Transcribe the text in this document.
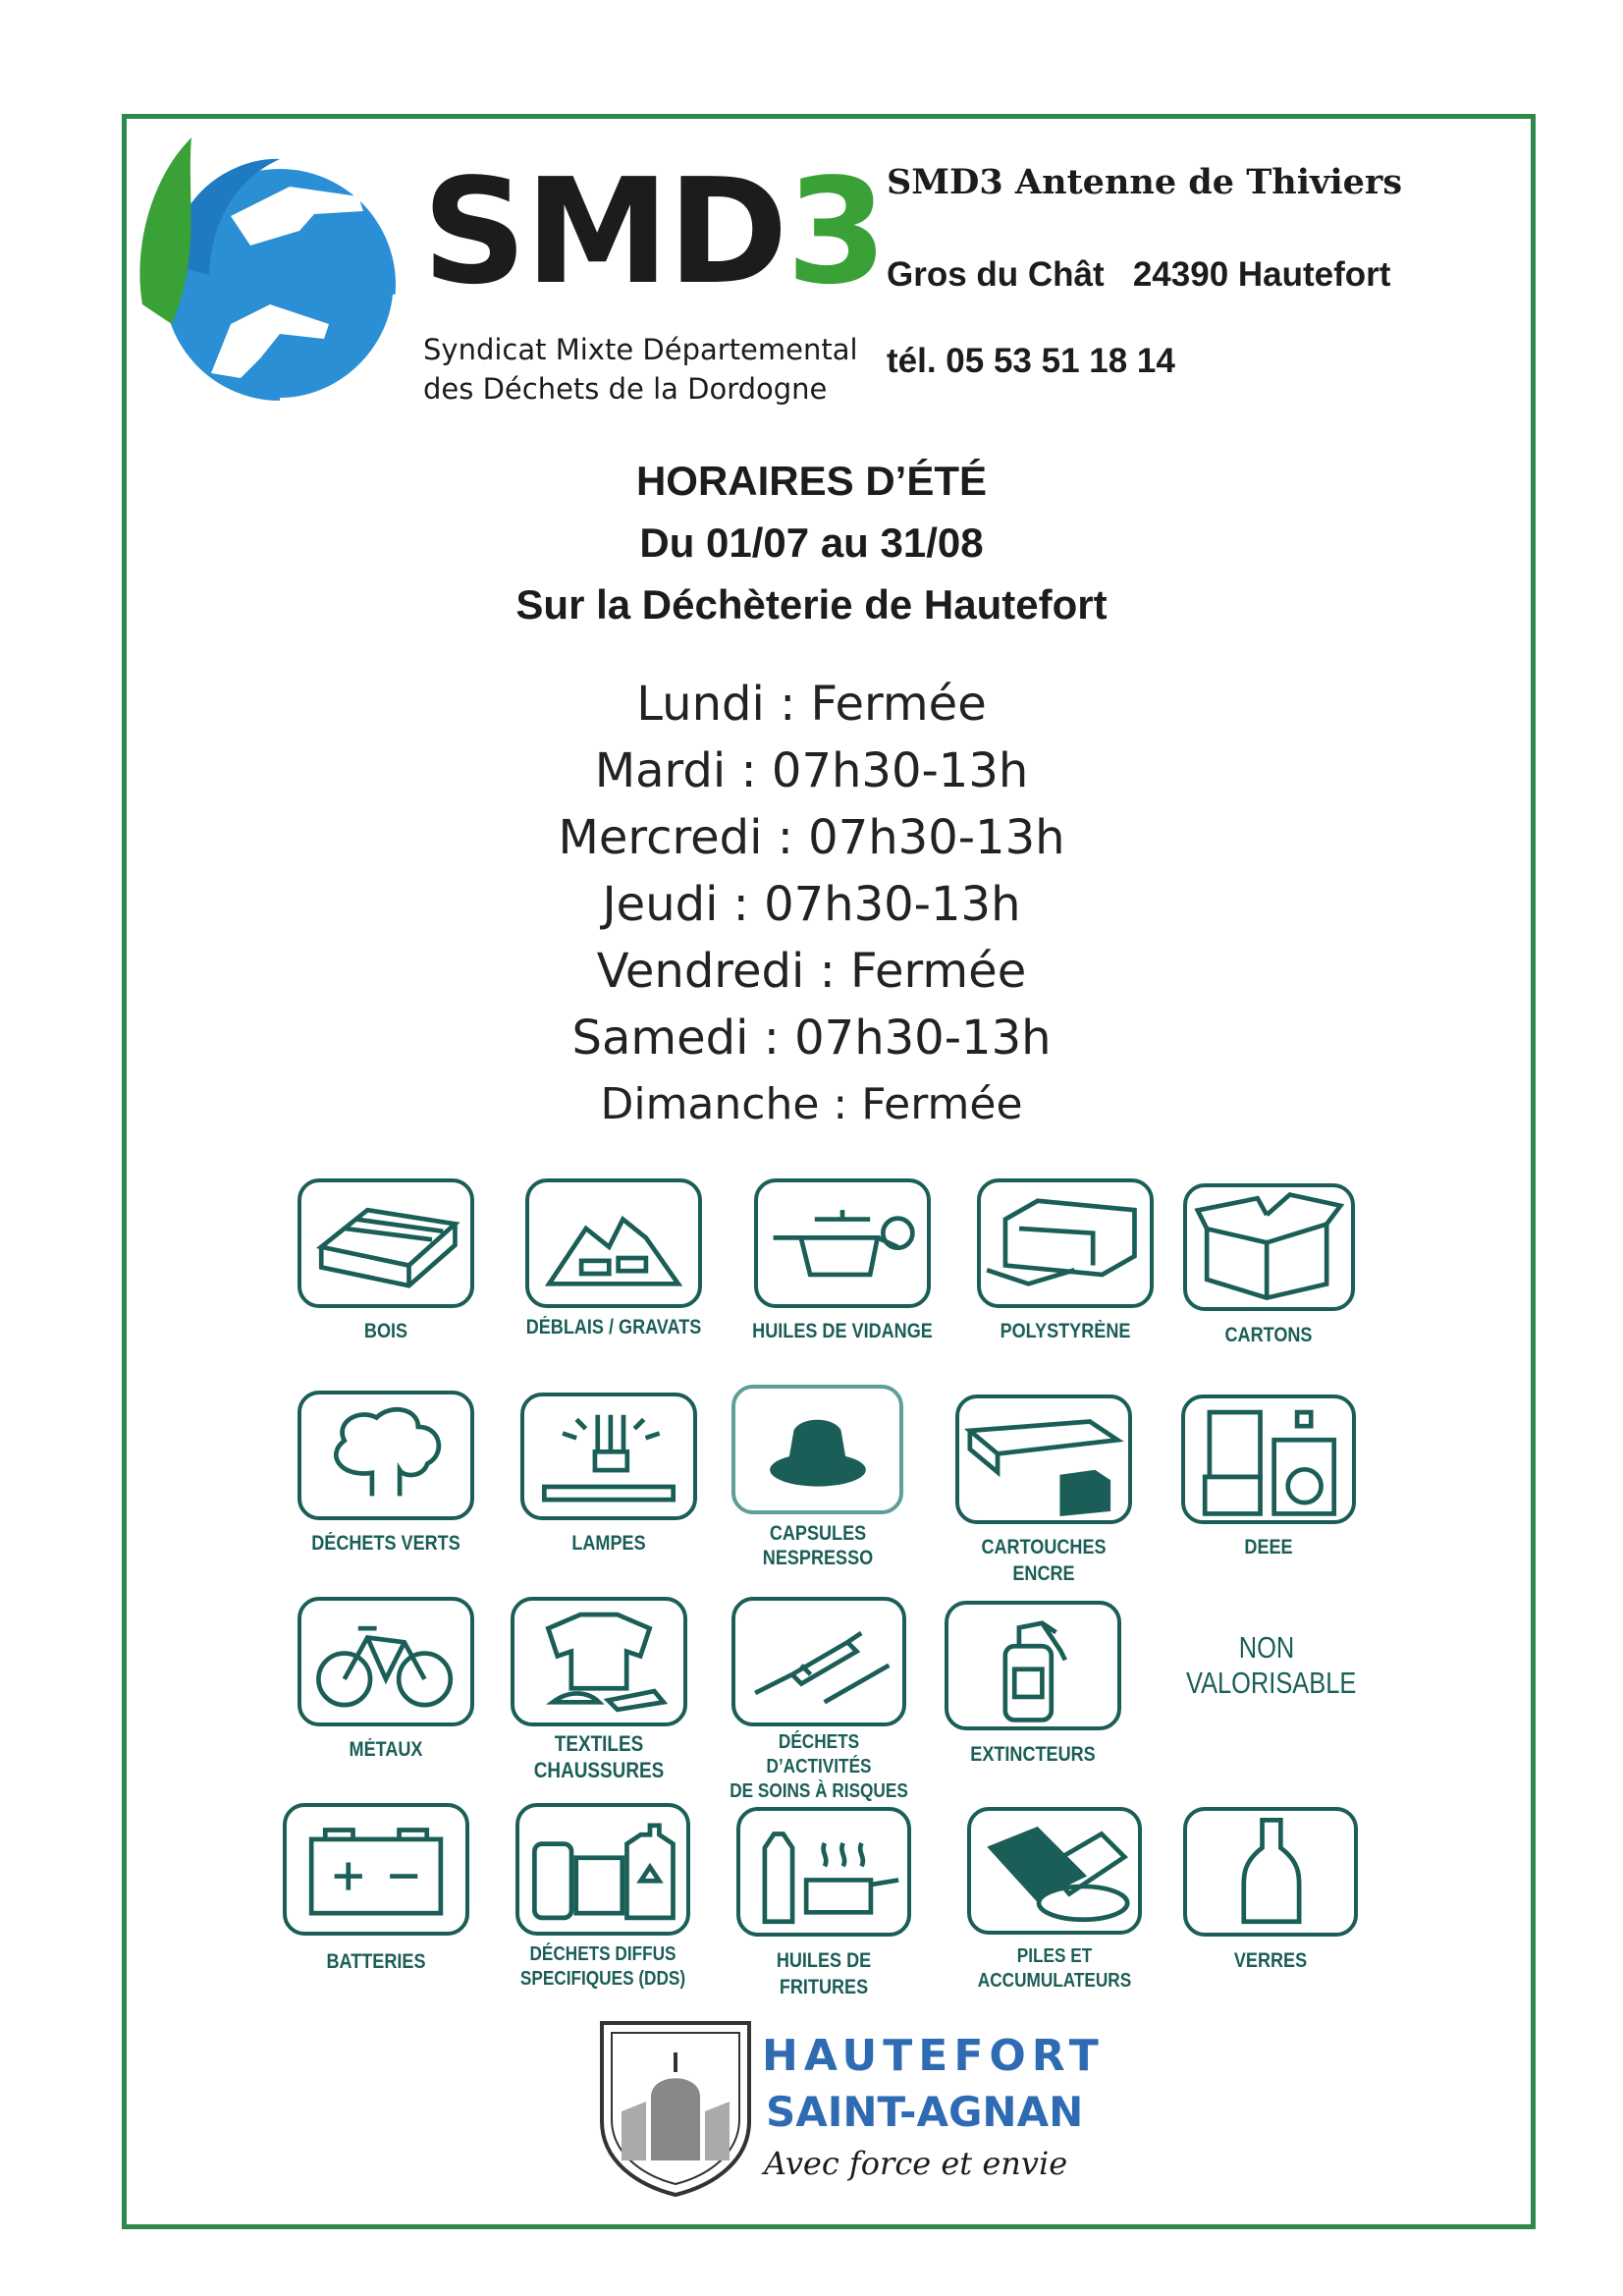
SMD3
Syndicat Mixte Départemental
des Déchets de la Dordogne
SMD3 Antenne de Thiviers
Gros du Chât   24390 Hautefort
tél. 05 53 51 18 14
HORAIRES D’ÉTÉ
Du 01/07 au 31/08
Sur la Déchèterie de Hautefort
Lundi : Fermée
Mardi : 07h30-13h
Mercredi : 07h30-13h
Jeudi : 07h30-13h
Vendredi : Fermée
Samedi : 07h30-13h
Dimanche : Fermée
BOIS	DÉBLAIS / GRAVATS HUILES DE VIDANGE	POLYSTYRÈNE	CARTONS
DÉCHETS VERTS	LAMPES	CAPSULES
NESPRESSO	CARTOUCHES ENCRE
DEEE
MÉTAUX	TEXTILES
CHAUSSURES
DÉCHETS D’ACTIVITÉS
DE SOINS À RISQUES
EXTINCTEURS
NON
VALORISABLE
BATTERIES	DÉCHETS DIFFUS
SPECIFIQUES (DDS)
HUILES DE FRITURES
PILES ET
ACCUMULATEURS
VERRES
HAUTEFORT
SAINT-AGNAN
Avec force et envie
